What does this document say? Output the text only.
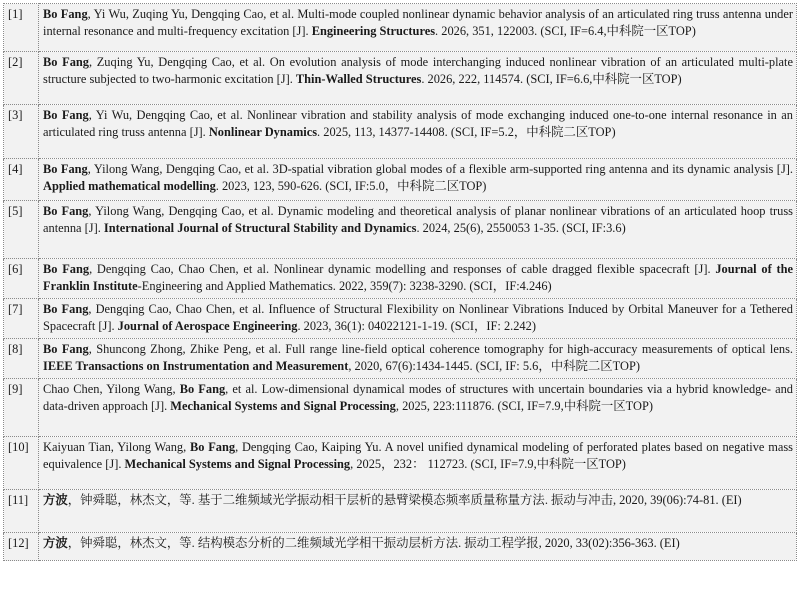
[1]	Bo Fang, Yi Wu, Zuqing Yu, Dengqing Cao, et al. Multi-mode coupled nonlinear dynamic behavior analysis of an articulated ring truss antenna under internal resonance and multi-frequency excitation [J]. Engineering Structures. 2026, 351, 122003. (SCI, IF=6.4,中科院一区TOP)
[2]	Bo Fang, Zuqing Yu, Dengqing Cao, et al. On evolution analysis of mode interchanging induced nonlinear vibration of an articulated multi-plate structure subjected to two-harmonic excitation [J]. Thin-Walled Structures. 2026, 222, 114574. (SCI, IF=6.6,中科院一区TOP)
[3]	Bo Fang, Yi Wu, Dengqing Cao, et al. Nonlinear vibration and stability analysis of mode exchanging induced one-to-one internal resonance in an articulated ring truss antenna [J]. Nonlinear Dynamics. 2025, 113, 14377-14408. (SCI, IF=5.2，中科院二区TOP)
[4]	Bo Fang, Yilong Wang, Dengqing Cao, et al. 3D-spatial vibration global modes of a flexible arm-supported ring antenna and its dynamic analysis [J]. Applied mathematical modelling. 2023, 123, 590-626. (SCI, IF:5.0，中科院二区TOP)
[5]	Bo Fang, Yilong Wang, Dengqing Cao, et al. Dynamic modeling and theoretical analysis of planar nonlinear vibrations of an articulated hoop truss antenna [J]. International Journal of Structural Stability and Dynamics. 2024, 25(6), 2550053 1-35. (SCI, IF:3.6)
[6]	Bo Fang, Dengqing Cao, Chao Chen, et al. Nonlinear dynamic modelling and responses of cable dragged flexible spacecraft [J]. Journal of the Franklin Institute-Engineering and Applied Mathematics. 2022, 359(7): 3238-3290. (SCI，IF:4.246)
[7]	Bo Fang, Dengqing Cao, Chao Chen, et al. Influence of Structural Flexibility on Nonlinear Vibrations Induced by Orbital Maneuver for a Tethered Spacecraft [J]. Journal of Aerospace Engineering. 2023, 36(1): 04022121-1-19. (SCI，IF: 2.242)
[8]	Bo Fang, Shuncong Zhong, Zhike Peng, et al. Full range line-field optical coherence tomography for high-accuracy measurements of optical lens. IEEE Transactions on Instrumentation and Measurement, 2020, 67(6):1434-1445. (SCI, IF: 5.6，中科院二区TOP)
[9]	Chao Chen, Yilong Wang, Bo Fang, et al. Low-dimensional dynamical modes of structures with uncertain boundaries via a hybrid knowledge- and data-driven approach [J]. Mechanical Systems and Signal Processing, 2025, 223:111876. (SCI, IF=7.9,中科院一区TOP)
[10]	Kaiyuan Tian, Yilong Wang, Bo Fang, Dengqing Cao, Kaiping Yu. A novel unified dynamical modeling of perforated plates based on negative mass equivalence [J]. Mechanical Systems and Signal Processing, 2025，232： 112723. (SCI, IF=7.9,中科院一区TOP)
[11]	方波，钟舜聪，林杰文，等. 基于二维频域光学振动相干层析的悬臂梁模态频率质量称量方法. 振动与冲击, 2020, 39(06):74-81. (EI)
[12]	方波，钟舜聪，林杰文，等. 结构模态分析的二维频域光学相干振动层析方法. 振动工程学报, 2020, 33(02):356-363. (EI)
